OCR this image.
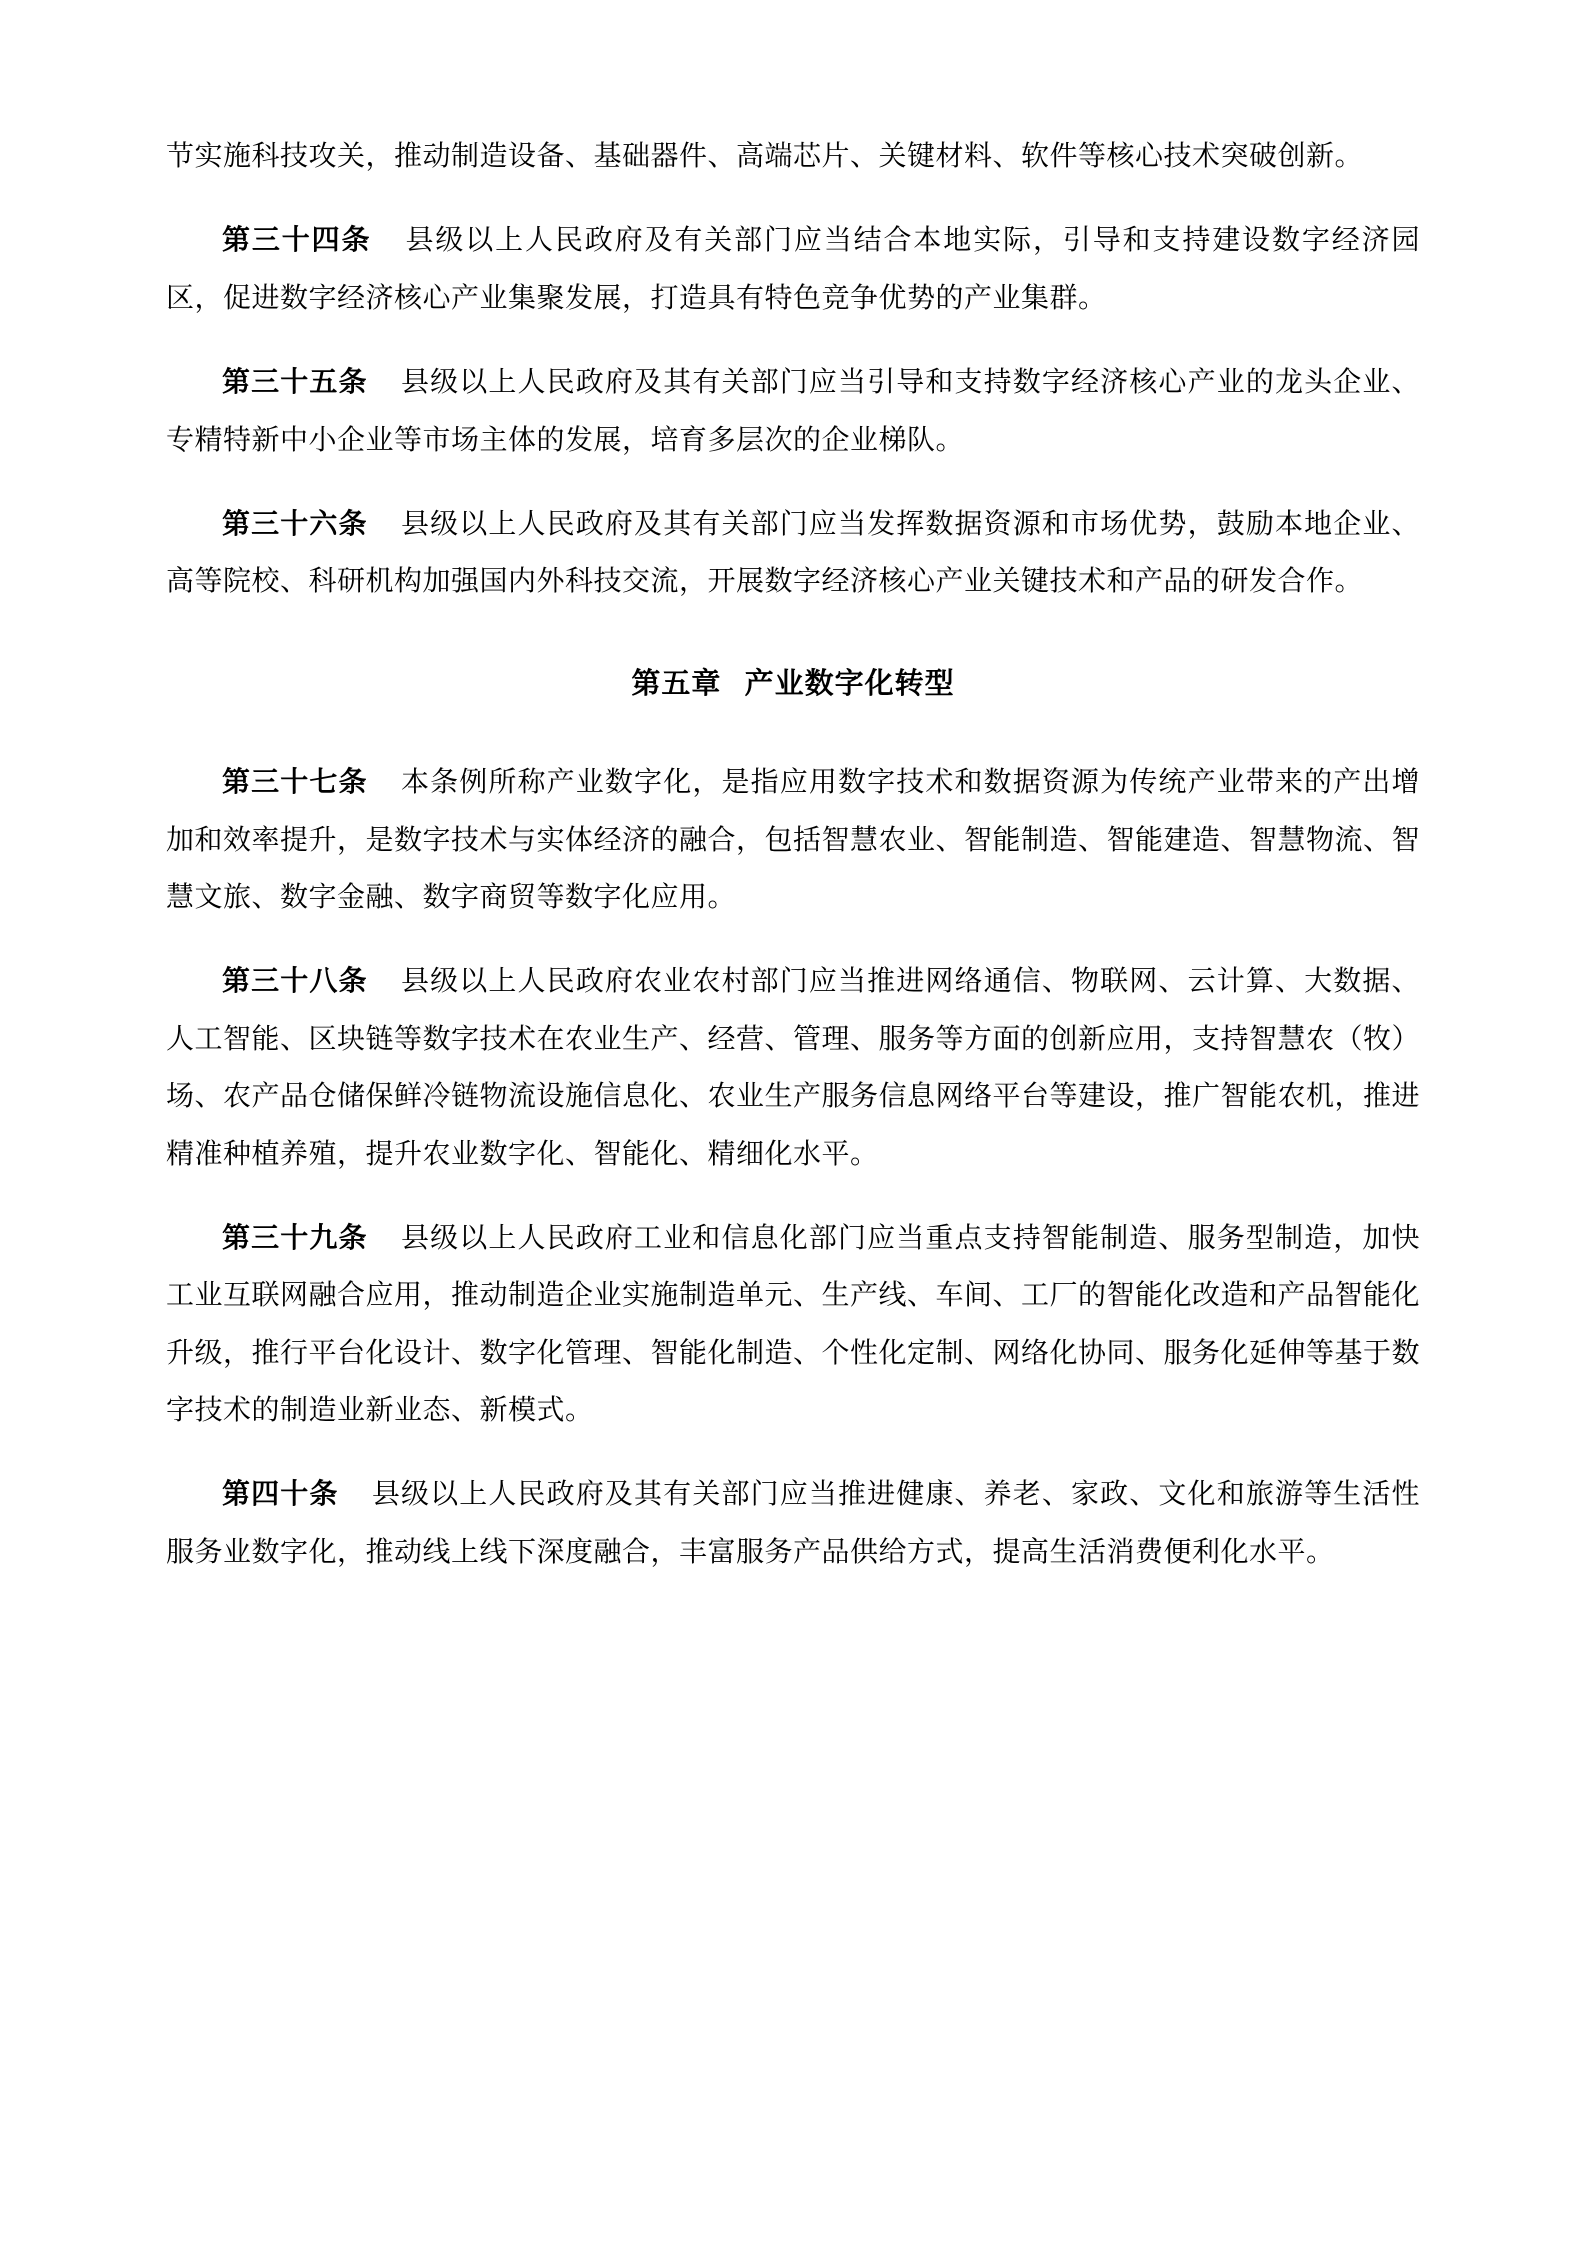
节实施科技攻关，推动制造设备、基础器件、高端芯片、关键材料、软件等核心技术突破创新。

第三十四条 县级以上人民政府及有关部门应当结合本地实际，引导和支持建设数字经济园区，促进数字经济核心产业集聚发展，打造具有特色竞争优势的产业集群。

第三十五条 县级以上人民政府及其有关部门应当引导和支持数字经济核心产业的龙头企业、专精特新中小企业等市场主体的发展，培育多层次的企业梯队。

第三十六条 县级以上人民政府及其有关部门应当发挥数据资源和市场优势，鼓励本地企业、高等院校、科研机构加强国内外科技交流，开展数字经济核心产业关键技术和产品的研发合作。

第五章 产业数字化转型

第三十七条 本条例所称产业数字化，是指应用数字技术和数据资源为传统产业带来的产出增加和效率提升，是数字技术与实体经济的融合，包括智慧农业、智能制造、智能建造、智慧物流、智慧文旅、数字金融、数字商贸等数字化应用。

第三十八条 县级以上人民政府农业农村部门应当推进网络通信、物联网、云计算、大数据、人工智能、区块链等数字技术在农业生产、经营、管理、服务等方面的创新应用，支持智慧农（牧）场、农产品仓储保鲜冷链物流设施信息化、农业生产服务信息网络平台等建设，推广智能农机，推进精准种植养殖，提升农业数字化、智能化、精细化水平。

第三十九条 县级以上人民政府工业和信息化部门应当重点支持智能制造、服务型制造，加快工业互联网融合应用，推动制造企业实施制造单元、生产线、车间、工厂的智能化改造和产品智能化升级，推行平台化设计、数字化管理、智能化制造、个性化定制、网络化协同、服务化延伸等基于数字技术的制造业新业态、新模式。

第四十条 县级以上人民政府及其有关部门应当推进健康、养老、家政、文化和旅游等生活性服务业数字化，推动线上线下深度融合，丰富服务产品供给方式，提高生活消费便利化水平。
